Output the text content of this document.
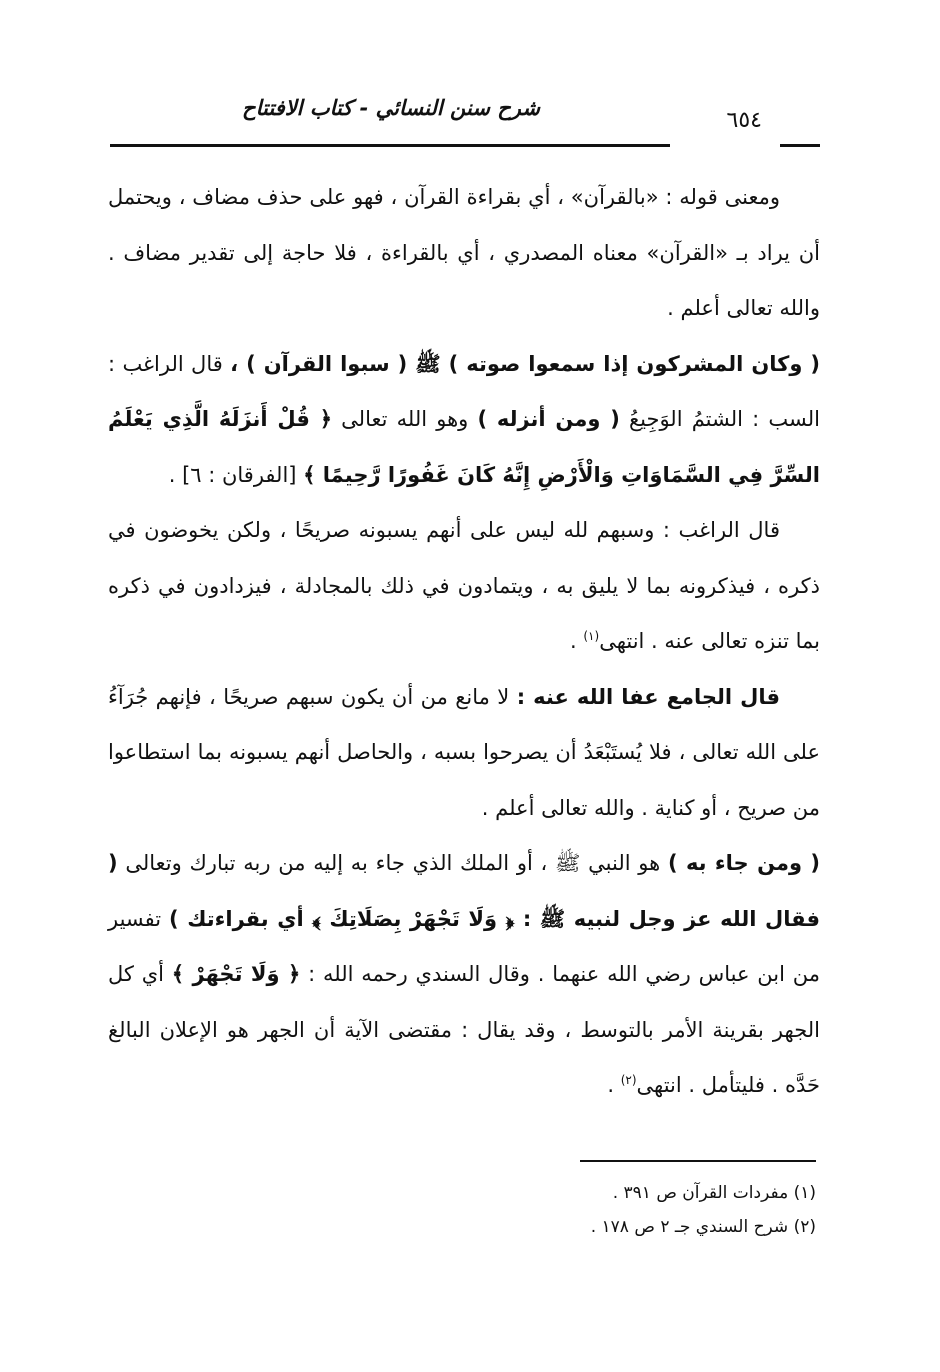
شرح سنن النسائي - كتاب الافتتاح	٦٥٤

ومعنى قوله : «بالقرآن» ، أي بقراءة القرآن ، فهو على حذف مضاف ، ويحتمل أن يراد بـ «القرآن» معناه المصدري ، أي بالقراءة ، فلا حاجة إلى تقدير مضاف . والله تعالى أعلم .

( وكان المشركون إذا سمعوا صوته ) ﷺ ( سبوا القرآن ) ، قال الراغب : السب : الشتمُ الوَجِيعُ ( ومن أنزله ) وهو الله تعالى ﴿ قُلْ أَنزَلَهُ الَّذِي يَعْلَمُ السِّرَّ فِي السَّمَاوَاتِ وَالْأَرْضِ إِنَّهُ كَانَ غَفُورًا رَّحِيمًا ﴾ [الفرقان : ٦] .

قال الراغب : وسبهم لله ليس على أنهم يسبونه صريحًا ، ولكن يخوضون في ذكره ، فيذكرونه بما لا يليق به ، ويتمادون في ذلك بالمجادلة ، فيزدادون في ذكره بما تنزه تعالى عنه . انتهى$^{(١)}$ .

قال الجامع عفا الله عنه : لا مانع من أن يكون سبهم صريحًا ، فإنهم جُرَآءُ على الله تعالى ، فلا يُستَبْعَدُ أن يصرحوا بسبه ، والحاصل أنهم يسبونه بما استطاعوا من صريح ، أو كناية . والله تعالى أعلم .

( ومن جاء به ) هو النبي ﷺ ، أو الملك الذي جاء به إليه من ربه تبارك وتعالى ( فقال الله عز وجل لنبيه ﷺ : ﴿ وَلَا تَجْهَرْ بِصَلَاتِكَ ﴾ أي بقراءتك ) تفسير من ابن عباس رضي الله عنهما . وقال السندي رحمه الله : ﴿ وَلَا تَجْهَرْ ﴾ أي كل الجهر بقرينة الأمر بالتوسط ، وقد يقال : مقتضى الآية أن الجهر هو الإعلان البالغ حَدَّه . فليتأمل . انتهى$^{(٢)}$ .

(١) مفردات القرآن ص ٣٩١ .

(٢) شرح السندي جـ ٢ ص ١٧٨ .
